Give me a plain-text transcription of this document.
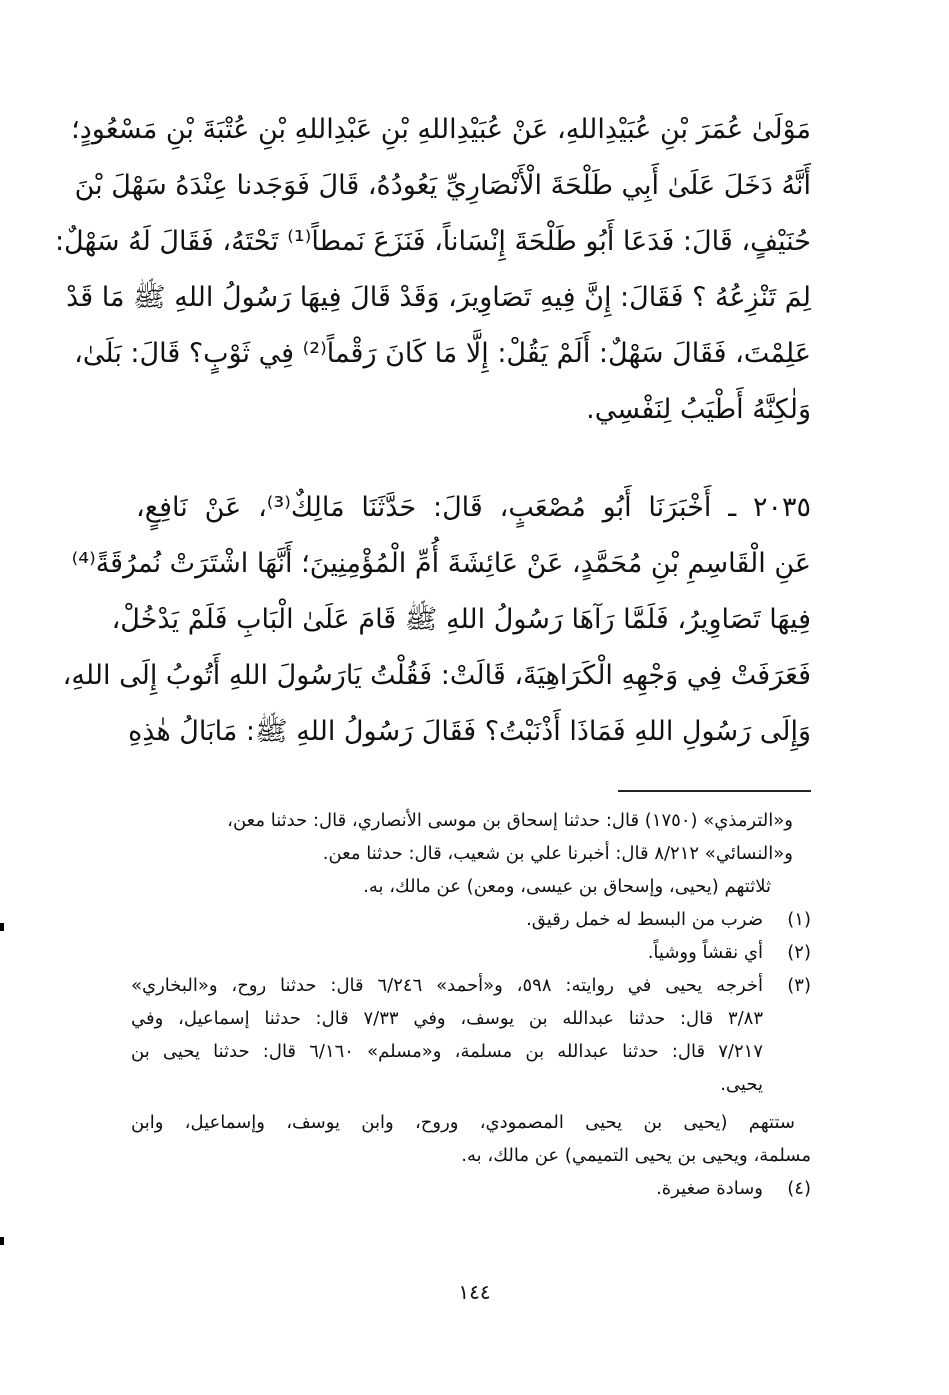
مَوْلَىٰ عُمَرَ بْنِ عُبَيْدِاللهِ، عَنْ عُبَيْدِاللهِ بْنِ عَبْدِاللهِ بْنِ عُتْبَةَ بْنِ مَسْعُودٍ؛
أَنَّهُ دَخَلَ عَلَىٰ أَبِي طَلْحَةَ الْأَنْصَارِيِّ يَعُودُهُ، قَالَ فَوَجَدنا عِنْدَهُ سَهْلَ بْنَ
حُنَيْفٍ، قَالَ: فَدَعَا أَبُو طَلْحَةَ إِنْسَاناً، فَنَزَعَ نَمطاً⁽¹⁾ تَحْتَهُ، فَقَالَ لَهُ سَهْلٌ:
لِمَ تَنْزِعُهُ ؟ فَقَالَ: إِنَّ فِيهِ تَصَاوِيرَ، وَقَدْ قَالَ فِيهَا رَسُولُ اللهِ ﷺ مَا قَدْ
عَلِمْتَ، فَقَالَ سَهْلٌ: أَلَمْ يَقُلْ: إِلَّا مَا كَانَ رَقْماً⁽²⁾ فِي ثَوْبٍ؟ قَالَ: بَلَىٰ،
وَلٰكِنَّهُ أَطْيَبُ لِنَفْسِي.
٢٠٣٥ ـ أَخْبَرَنَا أَبُو مُصْعَبٍ، قَالَ: حَدَّثَنَا مَالِكٌ⁽³⁾، عَنْ نَافِعٍ،
عَنِ الْقَاسِمِ بْنِ مُحَمَّدٍ، عَنْ عَائِشَةَ أُمِّ الْمُؤْمِنِينَ؛ أَنَّهَا اشْتَرَتْ نُمرُقَةً⁽⁴⁾
فِيهَا تَصَاوِيرُ، فَلَمَّا رَآهَا رَسُولُ اللهِ ﷺ قَامَ عَلَىٰ الْبَابِ فَلَمْ يَدْخُلْ،
فَعَرَفَتْ فِي وَجْهِهِ الْكَرَاهِيَةَ، قَالَتْ: فَقُلْتُ يَارَسُولَ اللهِ أَتُوبُ إِلَى اللهِ،
وَإِلَى رَسُولِ اللهِ فَمَاذَا أَذْنَبْتُ؟ فَقَالَ رَسُولُ اللهِ ﷺ: مَابَالُ هٰذِهِ
و«الترمذي» (١٧٥٠) قال: حدثنا إسحاق بن موسى الأنصاري، قال: حدثنا معن،
و«النسائي» ٨/٢١٢ قال: أخبرنا علي بن شعيب، قال: حدثنا معن.
ثلاثتهم (يحيى، وإسحاق بن عيسى، ومعن) عن مالك، به.
(١)
ضرب من البسط له خمل رقيق.
(٢)
أي نقشاً ووشياً.
(٣)
أخرجه يحيى في روايته: ٥٩٨، و«أحمد» ٦/٢٤٦ قال: حدثنا روح، و«البخاري»
٣/٨٣ قال: حدثنا عبدالله بن يوسف، وفي ٧/٣٣ قال: حدثنا إسماعيل، وفي
٧/٢١٧ قال: حدثنا عبدالله بن مسلمة، و«مسلم» ٦/١٦٠ قال: حدثنا يحيى بن
يحيى.
ستتهم (يحيى بن يحيى المصمودي، وروح، وابن يوسف، وإسماعيل، وابن
مسلمة، ويحيى بن يحيى التميمي) عن مالك، به.
(٤)
وسادة صغيرة.
١٤٤
